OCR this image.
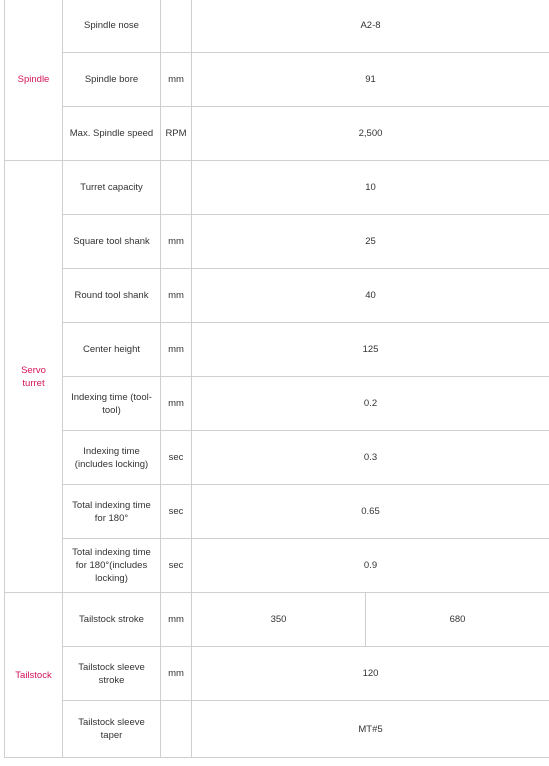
Spindle	Spindle nose		A2-8	
	Spindle bore	mm	91	
	Max. Spindle speed	RPM	2,500	
Servo turret	Turret capacity		10	
	Square tool shank	mm	25	
	Round tool shank	mm	40	
	Center height	mm	125	
	Indexing time (tool-tool)	mm	0.2	
	Indexing time (includes locking)	sec	0.3	
	Total indexing time for 180°	sec	0.65	
	Total indexing time for 180°(includes locking)	sec	0.9	
Tailstock	Tailstock stroke	mm	350	680
	Tailstock sleeve stroke	mm	120	
	Tailstock sleeve taper		MT#5	
